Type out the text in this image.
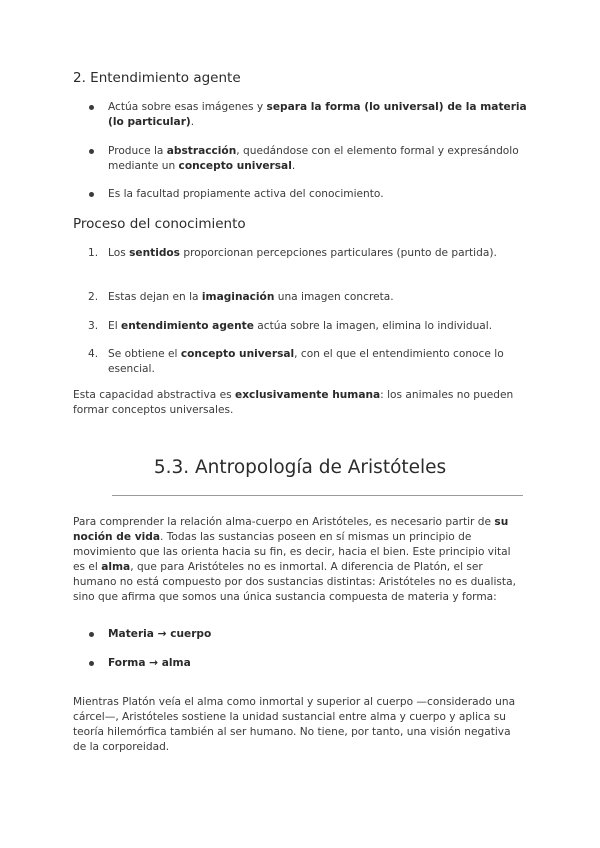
2. Entendimiento agente
Actúa sobre esas imágenes y separa la forma (lo universal) de la materia (lo particular).
Produce la abstracción, quedándose con el elemento formal y expresándolo mediante un concepto universal.
Es la facultad propiamente activa del conocimiento.
Proceso del conocimiento
1. Los sentidos proporcionan percepciones particulares (punto de partida).
2. Estas dejan en la imaginación una imagen concreta.
3. El entendimiento agente actúa sobre la imagen, elimina lo individual.
4. Se obtiene el concepto universal, con el que el entendimiento conoce lo esencial.
Esta capacidad abstractiva es exclusivamente humana: los animales no pueden formar conceptos universales.
5.3. Antropología de Aristóteles
Para comprender la relación alma-cuerpo en Aristóteles, es necesario partir de su noción de vida. Todas las sustancias poseen en sí mismas un principio de movimiento que las orienta hacia su fin, es decir, hacia el bien. Este principio vital es el alma, que para Aristóteles no es inmortal. A diferencia de Platón, el ser humano no está compuesto por dos sustancias distintas: Aristóteles no es dualista, sino que afirma que somos una única sustancia compuesta de materia y forma:
Materia → cuerpo
Forma → alma
Mientras Platón veía el alma como inmortal y superior al cuerpo —considerado una cárcel—, Aristóteles sostiene la unidad sustancial entre alma y cuerpo y aplica su teoría hilemórfica también al ser humano. No tiene, por tanto, una visión negativa de la corporeidad.
